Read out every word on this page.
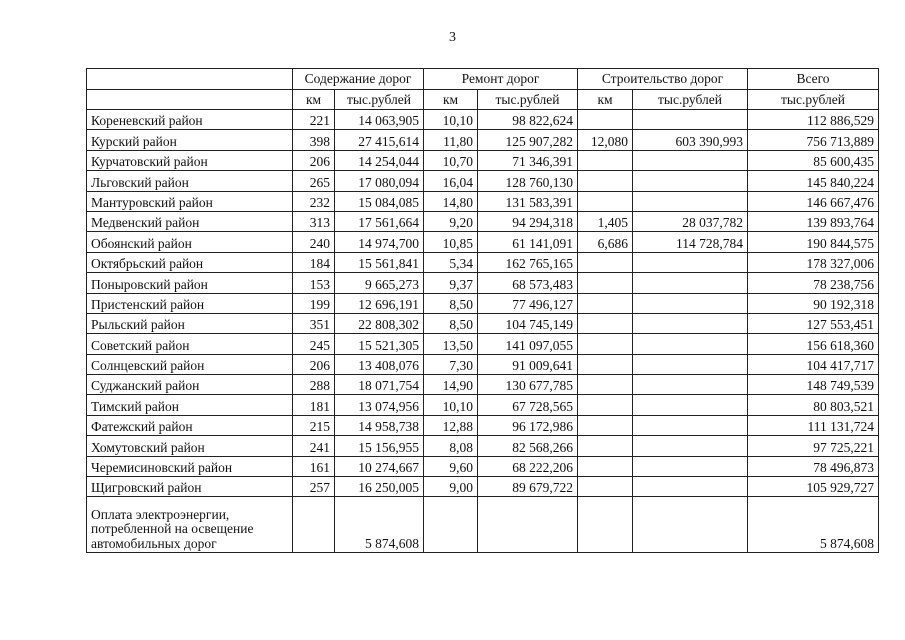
3
	Содержание дорог		Ремонт дорог		Строительство дорог		Всего
	км	тыс.рублей	км	тыс.рублей	км	тыс.рублей	тыс.рублей
Кореневский район	221	14 063,905	10,10	98 822,624			112 886,529
Курский район	398	27 415,614	11,80	125 907,282	12,080	603 390,993	756 713,889
Курчатовский район	206	14 254,044	10,70	71 346,391			85 600,435
Льговский район	265	17 080,094	16,04	128 760,130			145 840,224
Мантуровский район	232	15 084,085	14,80	131 583,391			146 667,476
Медвенский район	313	17 561,664	9,20	94 294,318	1,405	28 037,782	139 893,764
Обоянский район	240	14 974,700	10,85	61 141,091	6,686	114 728,784	190 844,575
Октябрьский район	184	15 561,841	5,34	162 765,165			178 327,006
Поныровский район	153	9 665,273	9,37	68 573,483			78 238,756
Пристенский район	199	12 696,191	8,50	77 496,127			90 192,318
Рыльский район	351	22 808,302	8,50	104 745,149			127 553,451
Советский район	245	15 521,305	13,50	141 097,055			156 618,360
Солнцевский район	206	13 408,076	7,30	91 009,641			104 417,717
Суджанский район	288	18 071,754	14,90	130 677,785			148 749,539
Тимский район	181	13 074,956	10,10	67 728,565			80 803,521
Фатежский район	215	14 958,738	12,88	96 172,986			111 131,724
Хомутовский район	241	15 156,955	8,08	82 568,266			97 725,221
Черемисиновский район	161	10 274,667	9,60	68 222,206			78 496,873
Щигровский район	257	16 250,005	9,00	89 679,722			105 929,727

Оплата электроэнергии,
потребленной на освещение
автомобильных дорог		5 874,608					5 874,608
